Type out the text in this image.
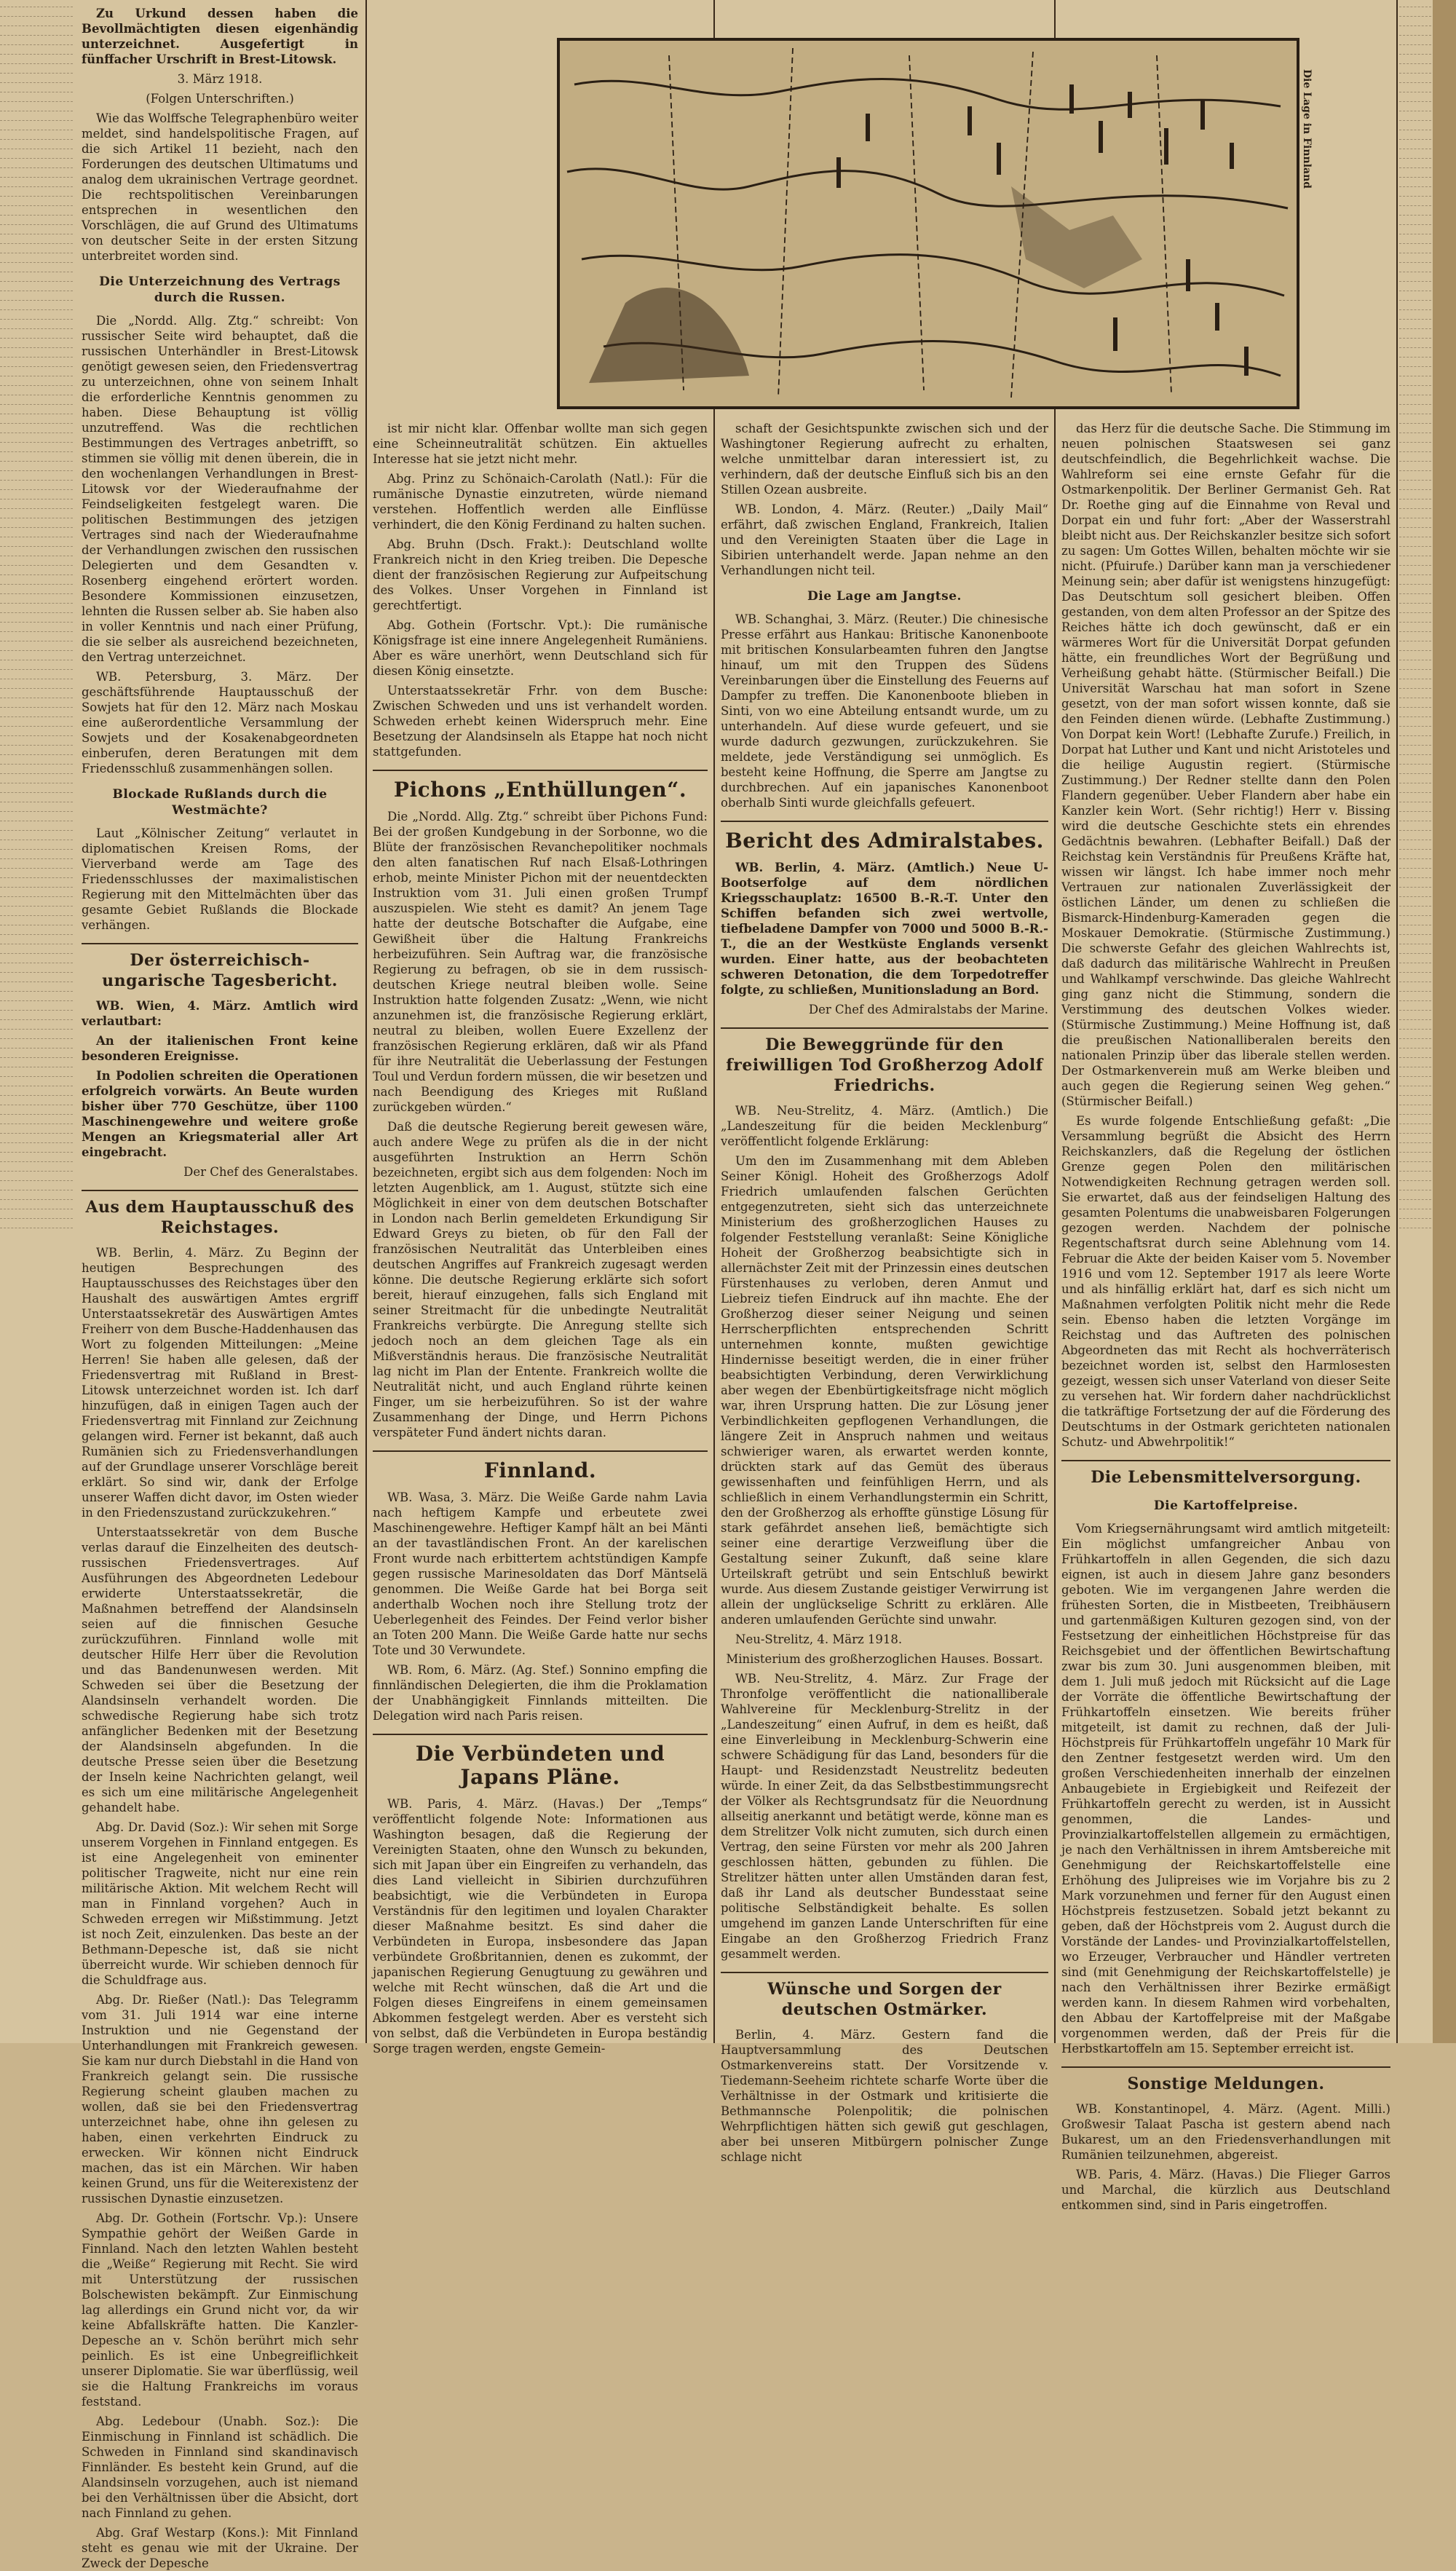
Die Lage in Finnland

Zu Urkund dessen haben die Bevollmächtigten diesen eigenhändig unterzeichnet. Ausgefertigt in fünffacher Urschrift in Brest-Litowsk.

3. März 1918.

(Folgen Unterschriften.)

Wie das Wolffsche Telegraphenbüro weiter meldet, sind handelspolitische Fragen, auf die sich Artikel 11 bezieht, nach den Forderungen des deutschen Ultimatums und analog dem ukrainischen Vertrage geordnet. Die rechtspolitischen Vereinbarungen entsprechen in wesentlichen den Vorschlägen, die auf Grund des Ultimatums von deutscher Seite in der ersten Sitzung unterbreitet worden sind.

Die Unterzeichnung des Vertrags durch die Russen.

Die „Nordd. Allg. Ztg.“ schreibt: Von russischer Seite wird behauptet, daß die russischen Unterhändler in Brest-Litowsk genötigt gewesen seien, den Friedensvertrag zu unterzeichnen, ohne von seinem Inhalt die erforderliche Kenntnis genommen zu haben. Diese Behauptung ist völlig unzutreffend. Was die rechtlichen Bestimmungen des Vertrages anbetrifft, so stimmen sie völlig mit denen überein, die in den wochenlangen Verhandlungen in Brest-Litowsk vor der Wiederaufnahme der Feindseligkeiten festgelegt waren. Die politischen Bestimmungen des jetzigen Vertrages sind nach der Wiederaufnahme der Verhandlungen zwischen den russischen Delegierten und dem Gesandten v. Rosenberg eingehend erörtert worden. Besondere Kommissionen einzusetzen, lehnten die Russen selber ab. Sie haben also in voller Kenntnis und nach einer Prüfung, die sie selber als ausreichend bezeichneten, den Vertrag unterzeichnet.

WB. Petersburg, 3. März. Der geschäftsführende Hauptausschuß der Sowjets hat für den 12. März nach Moskau eine außerordentliche Versammlung der Sowjets und der Kosakenabgeordneten einberufen, deren Beratungen mit dem Friedensschluß zusammenhängen sollen.

Blockade Rußlands durch die Westmächte?

Laut „Kölnischer Zeitung“ verlautet in diplomatischen Kreisen Roms, der Vierverband werde am Tage des Friedensschlusses der maximalistischen Regierung mit den Mittelmächten über das gesamte Gebiet Rußlands die Blockade verhängen.

Der österreichisch-ungarische Tagesbericht.

WB. Wien, 4. März. Amtlich wird verlautbart:

An der italienischen Front keine besonderen Ereignisse.

In Podolien schreiten die Operationen erfolgreich vorwärts. An Beute wurden bisher über 770 Geschütze, über 1100 Maschinengewehre und weitere große Mengen an Kriegsmaterial aller Art eingebracht.

Der Chef des Generalstabes.

Aus dem Hauptausschuß des Reichstages.

WB. Berlin, 4. März. Zu Beginn der heutigen Besprechungen des Hauptausschusses des Reichstages über den Haushalt des auswärtigen Amtes ergriff Unterstaatssekretär des Auswärtigen Amtes Freiherr von dem Busche-Haddenhausen das Wort zu folgenden Mitteilungen: „Meine Herren! Sie haben alle gelesen, daß der Friedensvertrag mit Rußland in Brest-Litowsk unterzeichnet worden ist. Ich darf hinzufügen, daß in einigen Tagen auch der Friedensvertrag mit Finnland zur Zeichnung gelangen wird. Ferner ist bekannt, daß auch Rumänien sich zu Friedensverhandlungen auf der Grundlage unserer Vorschläge bereit erklärt. So sind wir, dank der Erfolge unserer Waffen dicht davor, im Osten wieder in den Friedenszustand zurückzukehren.“

Unterstaatssekretär von dem Busche verlas darauf die Einzelheiten des deutsch-russischen Friedensvertrages. Auf Ausführungen des Abgeordneten Ledebour erwiderte Unterstaatssekretär, die Maßnahmen betreffend der Alandsinseln seien auf die finnischen Gesuche zurückzuführen. Finnland wolle mit deutscher Hilfe Herr über die Revolution und das Bandenunwesen werden. Mit Schweden sei über die Besetzung der Alandsinseln verhandelt worden. Die schwedische Regierung habe sich trotz anfänglicher Bedenken mit der Besetzung der Alandsinseln abgefunden. In die deutsche Presse seien über die Besetzung der Inseln keine Nachrichten gelangt, weil es sich um eine militärische Angelegenheit gehandelt habe.

Abg. Dr. David (Soz.): Wir sehen mit Sorge unserem Vorgehen in Finnland entgegen. Es ist eine Angelegenheit von eminenter politischer Tragweite, nicht nur eine rein militärische Aktion. Mit welchem Recht will man in Finnland vorgehen? Auch in Schweden erregen wir Mißstimmung. Jetzt ist noch Zeit, einzulenken. Das beste an der Bethmann-Depesche ist, daß sie nicht überreicht wurde. Wir schieben dennoch für die Schuldfrage aus.

Abg. Dr. Rießer (Natl.): Das Telegramm vom 31. Juli 1914 war eine interne Instruktion und nie Gegenstand der Unterhandlungen mit Frankreich gewesen. Sie kam nur durch Diebstahl in die Hand von Frankreich gelangt sein. Die russische Regierung scheint glauben machen zu wollen, daß sie bei den Friedensvertrag unterzeichnet habe, ohne ihn gelesen zu haben, einen verkehrten Eindruck zu erwecken. Wir können nicht Eindruck machen, das ist ein Märchen. Wir haben keinen Grund, uns für die Weiterexistenz der russischen Dynastie einzusetzen.

Abg. Dr. Gothein (Fortschr. Vp.): Unsere Sympathie gehört der Weißen Garde in Finnland. Nach den letzten Wahlen besteht die „Weiße“ Regierung mit Recht. Sie wird mit Unterstützung der russischen Bolschewisten bekämpft. Zur Einmischung lag allerdings ein Grund nicht vor, da wir keine Abfallskräfte hatten. Die Kanzler-Depesche an v. Schön berührt mich sehr peinlich. Es ist eine Unbegreiflichkeit unserer Diplomatie. Sie war überflüssig, weil sie die Haltung Frankreichs im voraus feststand.

Abg. Ledebour (Unabh. Soz.): Die Einmischung in Finnland ist schädlich. Die Schweden in Finnland sind skandinavisch Finnländer. Es besteht kein Grund, auf die Alandsinseln vorzugehen, auch ist niemand bei den Verhältnissen über die Absicht, dort nach Finnland zu gehen.

Abg. Graf Westarp (Kons.): Mit Finnland steht es genau wie mit der Ukraine. Der Zweck der Depesche

ist mir nicht klar. Offenbar wollte man sich gegen eine Scheinneutralität schützen. Ein aktuelles Interesse hat sie jetzt nicht mehr.

Abg. Prinz zu Schönaich-Carolath (Natl.): Für die rumänische Dynastie einzutreten, würde niemand verstehen. Hoffentlich werden alle Einflüsse verhindert, die den König Ferdinand zu halten suchen.

Abg. Bruhn (Dsch. Frakt.): Deutschland wollte Frankreich nicht in den Krieg treiben. Die Depesche dient der französischen Regierung zur Aufpeitschung des Volkes. Unser Vorgehen in Finnland ist gerechtfertigt.

Abg. Gothein (Fortschr. Vpt.): Die rumänische Königsfrage ist eine innere Angelegenheit Rumäniens. Aber es wäre unerhört, wenn Deutschland sich für diesen König einsetzte.

Unterstaatssekretär Frhr. von dem Busche: Zwischen Schweden und uns ist verhandelt worden. Schweden erhebt keinen Widerspruch mehr. Eine Besetzung der Alandsinseln als Etappe hat noch nicht stattgefunden.

Pichons „Enthüllungen“.

Die „Nordd. Allg. Ztg.“ schreibt über Pichons Fund: Bei der großen Kundgebung in der Sorbonne, wo die Blüte der französischen Revanchepolitiker nochmals den alten fanatischen Ruf nach Elsaß-Lothringen erhob, meinte Minister Pichon mit der neuentdeckten Instruktion vom 31. Juli einen großen Trumpf auszuspielen. Wie steht es damit? An jenem Tage hatte der deutsche Botschafter die Aufgabe, eine Gewißheit über die Haltung Frankreichs herbeizuführen. Sein Auftrag war, die französische Regierung zu befragen, ob sie in dem russisch-deutschen Kriege neutral bleiben wolle. Seine Instruktion hatte folgenden Zusatz: „Wenn, wie nicht anzunehmen ist, die französische Regierung erklärt, neutral zu bleiben, wollen Euere Exzellenz der französischen Regierung erklären, daß wir als Pfand für ihre Neutralität die Ueberlassung der Festungen Toul und Verdun fordern müssen, die wir besetzen und nach Beendigung des Krieges mit Rußland zurückgeben würden.“

Daß die deutsche Regierung bereit gewesen wäre, auch andere Wege zu prüfen als die in der nicht ausgeführten Instruktion an Herrn Schön bezeichneten, ergibt sich aus dem folgenden: Noch im letzten Augenblick, am 1. August, stützte sich eine Möglichkeit in einer von dem deutschen Botschafter in London nach Berlin gemeldeten Erkundigung Sir Edward Greys zu bieten, ob für den Fall der französischen Neutralität das Unterbleiben eines deutschen Angriffes auf Frankreich zugesagt werden könne. Die deutsche Regierung erklärte sich sofort bereit, hierauf einzugehen, falls sich England mit seiner Streitmacht für die unbedingte Neutralität Frankreichs verbürgte. Die Anregung stellte sich jedoch noch an dem gleichen Tage als ein Mißverständnis heraus. Die französische Neutralität lag nicht im Plan der Entente. Frankreich wollte die Neutralität nicht, und auch England rührte keinen Finger, um sie herbeizuführen. So ist der wahre Zusammenhang der Dinge, und Herrn Pichons verspäteter Fund ändert nichts daran.

Finnland.

WB. Wasa, 3. März. Die Weiße Garde nahm Lavia nach heftigem Kampfe und erbeutete zwei Maschinengewehre. Heftiger Kampf hält an bei Mänti an der tavastländischen Front. An der karelischen Front wurde nach erbittertem achtstündigen Kampfe gegen russische Marinesoldaten das Dorf Mäntselä genommen. Die Weiße Garde hat bei Borga seit anderthalb Wochen noch ihre Stellung trotz der Ueberlegenheit des Feindes. Der Feind verlor bisher an Toten 200 Mann. Die Weiße Garde hatte nur sechs Tote und 30 Verwundete.

WB. Rom, 6. März. (Ag. Stef.) Sonnino empfing die finnländischen Delegierten, die ihm die Proklamation der Unabhängigkeit Finnlands mitteilten. Die Delegation wird nach Paris reisen.

Die Verbündeten und Japans Pläne.

WB. Paris, 4. März. (Havas.) Der „Temps“ veröffentlicht folgende Note: Informationen aus Washington besagen, daß die Regierung der Vereinigten Staaten, ohne den Wunsch zu bekunden, sich mit Japan über ein Eingreifen zu verhandeln, das dies Land vielleicht in Sibirien durchzuführen beabsichtigt, wie die Verbündeten in Europa Verständnis für den legitimen und loyalen Charakter dieser Maßnahme besitzt. Es sind daher die Verbündeten in Europa, insbesondere das Japan verbündete Großbritannien, denen es zukommt, der japanischen Regierung Genugtuung zu gewähren und welche mit Recht wünschen, daß die Art und die Folgen dieses Eingreifens in einem gemeinsamen Abkommen festgelegt werden. Aber es versteht sich von selbst, daß die Verbündeten in Europa beständig Sorge tragen werden, engste Gemein-

schaft der Gesichtspunkte zwischen sich und der Washingtoner Regierung aufrecht zu erhalten, welche unmittelbar daran interessiert ist, zu verhindern, daß der deutsche Einfluß sich bis an den Stillen Ozean ausbreite.

WB. London, 4. März. (Reuter.) „Daily Mail“ erfährt, daß zwischen England, Frankreich, Italien und den Vereinigten Staaten über die Lage in Sibirien unterhandelt werde. Japan nehme an den Verhandlungen nicht teil.

Die Lage am Jangtse.

WB. Schanghai, 3. März. (Reuter.) Die chinesische Presse erfährt aus Hankau: Britische Kanonenboote mit britischen Konsularbeamten fuhren den Jangtse hinauf, um mit den Truppen des Südens Vereinbarungen über die Einstellung des Feuerns auf Dampfer zu treffen. Die Kanonenboote blieben in Sinti, von wo eine Abteilung entsandt wurde, um zu unterhandeln. Auf diese wurde gefeuert, und sie wurde dadurch gezwungen, zurückzukehren. Sie meldete, jede Verständigung sei unmöglich. Es besteht keine Hoffnung, die Sperre am Jangtse zu durchbrechen. Auf ein japanisches Kanonenboot oberhalb Sinti wurde gleichfalls gefeuert.

Bericht des Admiralstabes.

WB. Berlin, 4. März. (Amtlich.) Neue U-Bootserfolge auf dem nördlichen Kriegsschauplatz: 16500 B.-R.-T. Unter den Schiffen befanden sich zwei wertvolle, tiefbeladene Dampfer von 7000 und 5000 B.-R.-T., die an der Westküste Englands versenkt wurden. Einer hatte, aus der beobachteten schweren Detonation, die dem Torpedotreffer folgte, zu schließen, Munitionsladung an Bord.

Der Chef des Admiralstabs der Marine.

Die Beweggründe für den freiwilligen Tod Großherzog Adolf Friedrichs.

WB. Neu-Strelitz, 4. März. (Amtlich.) Die „Landeszeitung für die beiden Mecklenburg“ veröffentlicht folgende Erklärung:

Um den im Zusammenhang mit dem Ableben Seiner Königl. Hoheit des Großherzogs Adolf Friedrich umlaufenden falschen Gerüchten entgegenzutreten, sieht sich das unterzeichnete Ministerium des großherzoglichen Hauses zu folgender Feststellung veranlaßt: Seine Königliche Hoheit der Großherzog beabsichtigte sich in allernächster Zeit mit der Prinzessin eines deutschen Fürstenhauses zu verloben, deren Anmut und Liebreiz tiefen Eindruck auf ihn machte. Ehe der Großherzog dieser seiner Neigung und seinen Herrscherpflichten entsprechenden Schritt unternehmen konnte, mußten gewichtige Hindernisse beseitigt werden, die in einer früher beabsichtigten Verbindung, deren Verwirklichung aber wegen der Ebenbürtigkeitsfrage nicht möglich war, ihren Ursprung hatten. Die zur Lösung jener Verbindlichkeiten gepflogenen Verhandlungen, die längere Zeit in Anspruch nahmen und weitaus schwieriger waren, als erwartet werden konnte, drückten stark auf das Gemüt des überaus gewissenhaften und feinfühligen Herrn, und als schließlich in einem Verhandlungstermin ein Schritt, den der Großherzog als erhoffte günstige Lösung für stark gefährdet ansehen ließ, bemächtigte sich seiner eine derartige Verzweiflung über die Gestaltung seiner Zukunft, daß seine klare Urteilskraft getrübt und sein Entschluß bewirkt wurde. Aus diesem Zustande geistiger Verwirrung ist allein der unglückselige Schritt zu erklären. Alle anderen umlaufenden Gerüchte sind unwahr.

Neu-Strelitz, 4. März 1918.

Ministerium des großherzoglichen Hauses. Bossart.

WB. Neu-Strelitz, 4. März. Zur Frage der Thronfolge veröffentlicht die nationalliberale Wahlvereine für Mecklenburg-Strelitz in der „Landeszeitung“ einen Aufruf, in dem es heißt, daß eine Einverleibung in Mecklenburg-Schwerin eine schwere Schädigung für das Land, besonders für die Haupt- und Residenzstadt Neustrelitz bedeuten würde. In einer Zeit, da das Selbstbestimmungsrecht der Völker als Rechtsgrundsatz für die Neuordnung allseitig anerkannt und betätigt werde, könne man es dem Strelitzer Volk nicht zumuten, sich durch einen Vertrag, den seine Fürsten vor mehr als 200 Jahren geschlossen hätten, gebunden zu fühlen. Die Strelitzer hätten unter allen Umständen daran fest, daß ihr Land als deutscher Bundesstaat seine politische Selbständigkeit behalte. Es sollen umgehend im ganzen Lande Unterschriften für eine Eingabe an den Großherzog Friedrich Franz gesammelt werden.

Wünsche und Sorgen der deutschen Ostmärker.

Berlin, 4. März. Gestern fand die Hauptversammlung des Deutschen Ostmarkenvereins statt. Der Vorsitzende v. Tiedemann-Seeheim richtete scharfe Worte über die Verhältnisse in der Ostmark und kritisierte die Bethmannsche Polenpolitik; die polnischen Wehrpflichtigen hätten sich gewiß gut geschlagen, aber bei unseren Mitbürgern polnischer Zunge schlage nicht

das Herz für die deutsche Sache. Die Stimmung im neuen polnischen Staatswesen sei ganz deutschfeindlich, die Begehrlichkeit wachse. Die Wahlreform sei eine ernste Gefahr für die Ostmarkenpolitik. Der Berliner Germanist Geh. Rat Dr. Roethe ging auf die Einnahme von Reval und Dorpat ein und fuhr fort: „Aber der Wasserstrahl bleibt nicht aus. Der Reichskanzler besitze sich sofort zu sagen: Um Gottes Willen, behalten möchte wir sie nicht. (Pfuirufe.) Darüber kann man ja verschiedener Meinung sein; aber dafür ist wenigstens hinzugefügt: Das Deutschtum soll gesichert bleiben. Offen gestanden, von dem alten Professor an der Spitze des Reiches hätte ich doch gewünscht, daß er ein wärmeres Wort für die Universität Dorpat gefunden hätte, ein freundliches Wort der Begrüßung und Verheißung gehabt hätte. (Stürmischer Beifall.) Die Universität Warschau hat man sofort in Szene gesetzt, von der man sofort wissen konnte, daß sie den Feinden dienen würde. (Lebhafte Zustimmung.) Von Dorpat kein Wort! (Lebhafte Zurufe.) Freilich, in Dorpat hat Luther und Kant und nicht Aristoteles und die heilige Augustin regiert. (Stürmische Zustimmung.) Der Redner stellte dann den Polen Flandern gegenüber. Ueber Flandern aber habe ein Kanzler kein Wort. (Sehr richtig!) Herr v. Bissing wird die deutsche Geschichte stets ein ehrendes Gedächtnis bewahren. (Lebhafter Beifall.) Daß der Reichstag kein Verständnis für Preußens Kräfte hat, wissen wir längst. Ich habe immer noch mehr Vertrauen zur nationalen Zuverlässigkeit der östlichen Länder, um denen zu schließen die Bismarck-Hindenburg-Kameraden gegen die Moskauer Demokratie. (Stürmische Zustimmung.) Die schwerste Gefahr des gleichen Wahlrechts ist, daß dadurch das militärische Wahlrecht in Preußen und Wahlkampf verschwinde. Das gleiche Wahlrecht ging ganz nicht die Stimmung, sondern die Verstimmung des deutschen Volkes wieder. (Stürmische Zustimmung.) Meine Hoffnung ist, daß die preußischen Nationalliberalen bereits den nationalen Prinzip über das liberale stellen werden. Der Ostmarkenverein muß am Werke bleiben und auch gegen die Regierung seinen Weg gehen.“ (Stürmischer Beifall.)

Es wurde folgende Entschließung gefaßt: „Die Versammlung begrüßt die Absicht des Herrn Reichskanzlers, daß die Regelung der östlichen Grenze gegen Polen den militärischen Notwendigkeiten Rechnung getragen werden soll. Sie erwartet, daß aus der feindseligen Haltung des gesamten Polentums die unabweisbaren Folgerungen gezogen werden. Nachdem der polnische Regentschaftsrat durch seine Ablehnung vom 14. Februar die Akte der beiden Kaiser vom 5. November 1916 und vom 12. September 1917 als leere Worte und als hinfällig erklärt hat, darf es sich nicht um Maßnahmen verfolgten Politik nicht mehr die Rede sein. Ebenso haben die letzten Vorgänge im Reichstag und das Auftreten des polnischen Abgeordneten das mit Recht als hochverräterisch bezeichnet worden ist, selbst den Harmlosesten gezeigt, wessen sich unser Vaterland von dieser Seite zu versehen hat. Wir fordern daher nachdrücklichst die tatkräftige Fortsetzung der auf die Förderung des Deutschtums in der Ostmark gerichteten nationalen Schutz- und Abwehrpolitik!“

Die Lebensmittelversorgung.
Die Kartoffelpreise.

Vom Kriegsernährungsamt wird amtlich mitgeteilt: Ein möglichst umfangreicher Anbau von Frühkartoffeln in allen Gegenden, die sich dazu eignen, ist auch in diesem Jahre ganz besonders geboten. Wie im vergangenen Jahre werden die frühesten Sorten, die in Mistbeeten, Treibhäusern und gartenmäßigen Kulturen gezogen sind, von der Festsetzung der einheitlichen Höchstpreise für das Reichsgebiet und der öffentlichen Bewirtschaftung zwar bis zum 30. Juni ausgenommen bleiben, mit dem 1. Juli muß jedoch mit Rücksicht auf die Lage der Vorräte die öffentliche Bewirtschaftung der Frühkartoffeln einsetzen. Wie bereits früher mitgeteilt, ist damit zu rechnen, daß der Juli-Höchstpreis für Frühkartoffeln ungefähr 10 Mark für den Zentner festgesetzt werden wird. Um den großen Verschiedenheiten innerhalb der einzelnen Anbaugebiete in Ergiebigkeit und Reifezeit der Frühkartoffeln gerecht zu werden, ist in Aussicht genommen, die Landes- und Provinzialkartoffelstellen allgemein zu ermächtigen, je nach den Verhältnissen in ihrem Amtsbereiche mit Genehmigung der Reichskartoffelstelle eine Erhöhung des Julipreises wie im Vorjahre bis zu 2 Mark vorzunehmen und ferner für den August einen Höchstpreis festzusetzen. Sobald jetzt bekannt zu geben, daß der Höchstpreis vom 2. August durch die Vorstände der Landes- und Provinzialkartoffelstellen, wo Erzeuger, Verbraucher und Händler vertreten sind (mit Genehmigung der Reichskartoffelstelle) je nach den Verhältnissen ihrer Bezirke ermäßigt werden kann. In diesem Rahmen wird vorbehalten, den Abbau der Kartoffelpreise mit der Maßgabe vorgenommen werden, daß der Preis für die Herbstkartoffeln am 15. September erreicht ist.

Sonstige Meldungen.

WB. Konstantinopel, 4. März. (Agent. Milli.) Großwesir Talaat Pascha ist gestern abend nach Bukarest, um an den Friedensverhandlungen mit Rumänien teilzunehmen, abgereist.

WB. Paris, 4. März. (Havas.) Die Flieger Garros und Marchal, die kürzlich aus Deutschland entkommen sind, sind in Paris eingetroffen.
